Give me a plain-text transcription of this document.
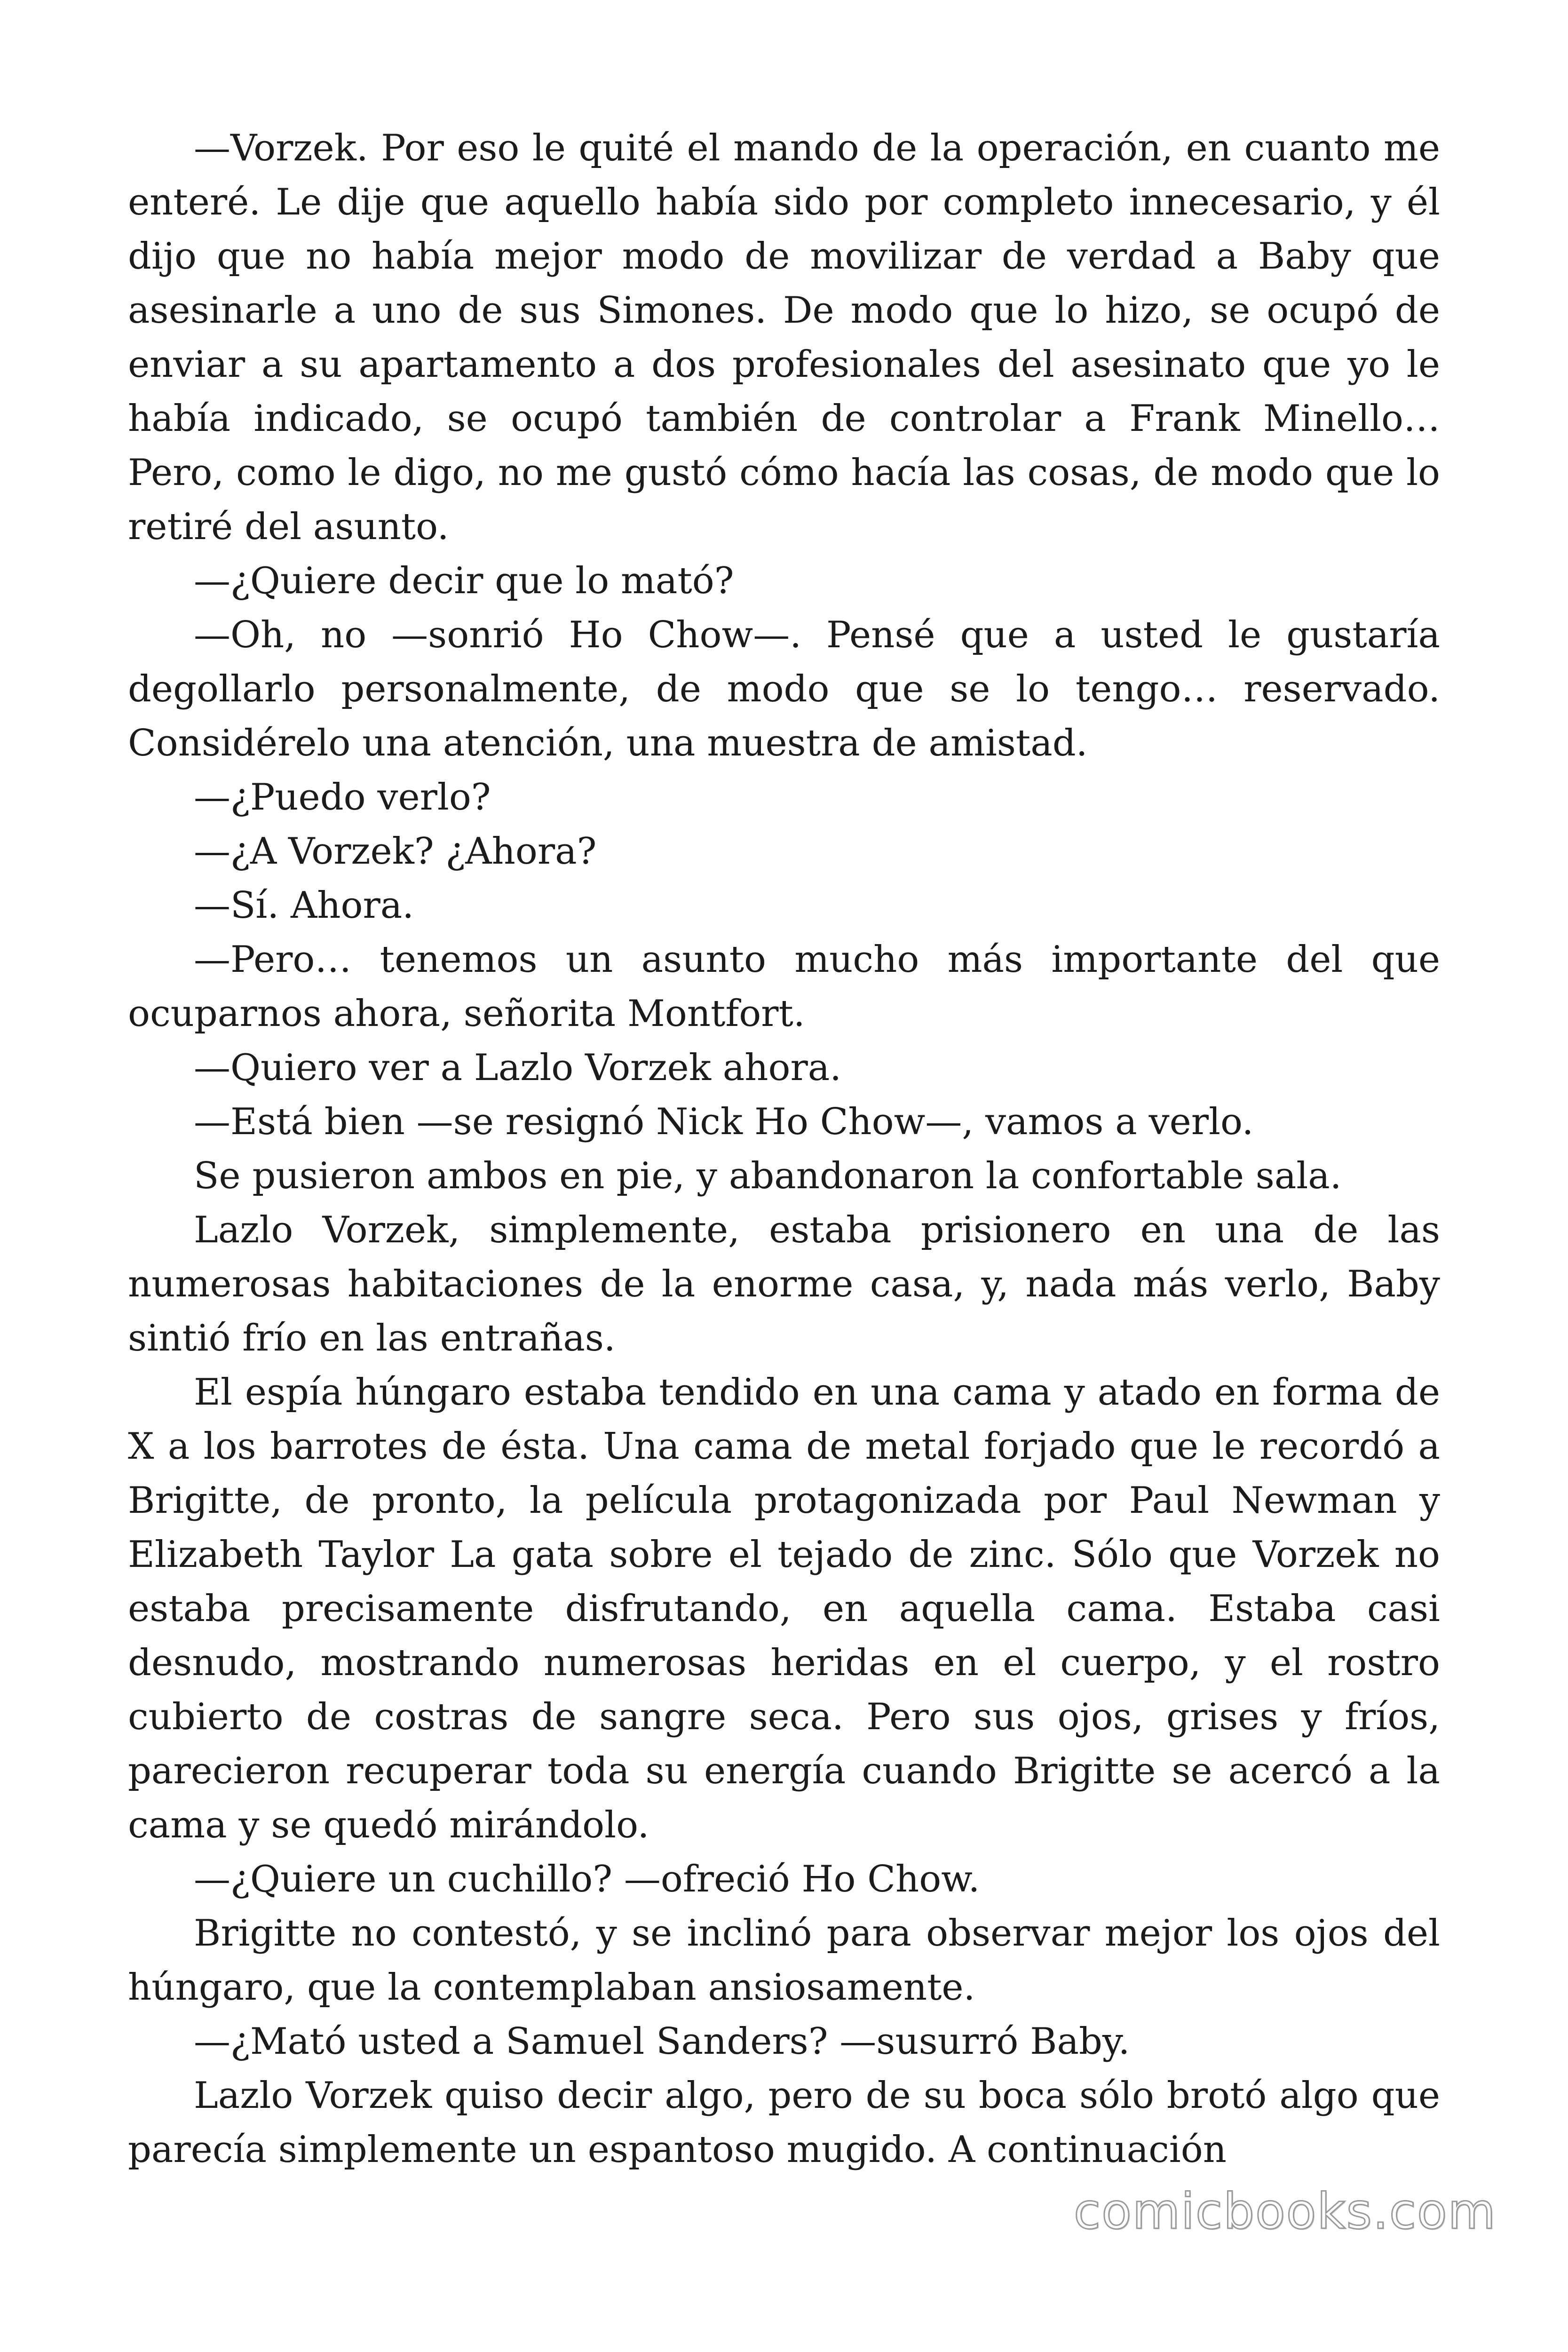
—Vorzek. Por eso le quité el mando de la operación, en cuanto me enteré. Le dije que aquello había sido por completo innecesario, y él dijo que no había mejor modo de movilizar de verdad a Baby que asesinarle a uno de sus Simones. De modo que lo hizo, se ocupó de enviar a su apartamento a dos profesionales del asesinato que yo le había indicado, se ocupó también de controlar a Frank Minello… Pero, como le digo, no me gustó cómo hacía las cosas, de modo que lo retiré del asunto.

—¿Quiere decir que lo mató?

—Oh, no —sonrió Ho Chow—. Pensé que a usted le gustaría degollarlo personalmente, de modo que se lo tengo… reservado. Considérelo una atención, una muestra de amistad.

—¿Puedo verlo?

—¿A Vorzek? ¿Ahora?

—Sí. Ahora.

—Pero… tenemos un asunto mucho más importante del que ocuparnos ahora, señorita Montfort.

—Quiero ver a Lazlo Vorzek ahora.

—Está bien —se resignó Nick Ho Chow—, vamos a verlo.

Se pusieron ambos en pie, y abandonaron la confortable sala.

Lazlo Vorzek, simplemente, estaba prisionero en una de las numerosas habitaciones de la enorme casa, y, nada más verlo, Baby sintió frío en las entrañas.

El espía húngaro estaba tendido en una cama y atado en forma de X a los barrotes de ésta. Una cama de metal forjado que le recordó a Brigitte, de pronto, la película protagonizada por Paul Newman y Elizabeth Taylor La gata sobre el tejado de zinc. Sólo que Vorzek no estaba precisamente disfrutando, en aquella cama. Estaba casi desnudo, mostrando numerosas heridas en el cuerpo, y el rostro cubierto de costras de sangre seca. Pero sus ojos, grises y fríos, parecieron recuperar toda su energía cuando Brigitte se acercó a la cama y se quedó mirándolo.

—¿Quiere un cuchillo? —ofreció Ho Chow.

Brigitte no contestó, y se inclinó para observar mejor los ojos del húngaro, que la contemplaban ansiosamente.

—¿Mató usted a Samuel Sanders? —susurró Baby.

Lazlo Vorzek quiso decir algo, pero de su boca sólo brotó algo que parecía simplemente un espantoso mugido. A continuación

comicbooks.com
